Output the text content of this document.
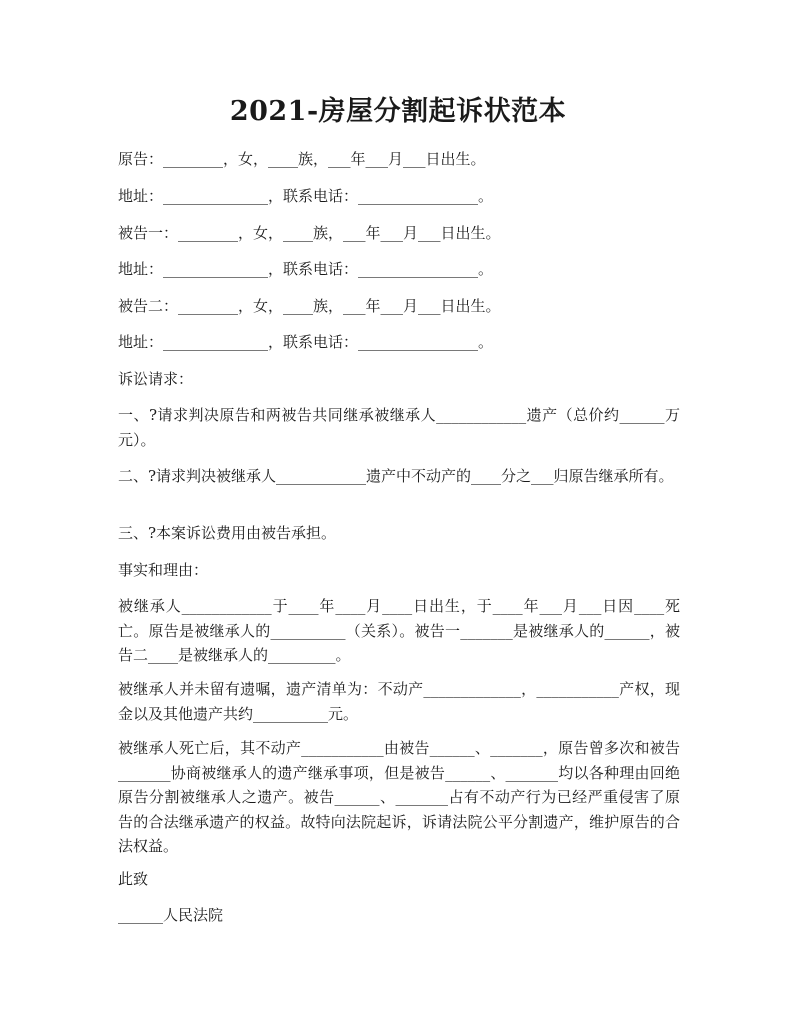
2021-房屋分割起诉状范本

原告：________，女，____族，___年___月___日出生。

地址：______________，联系电话：________________。

被告一：________，女，____族，___年___月___日出生。

地址：______________，联系电话：________________。

被告二：________，女，____族，___年___月___日出生。

地址：______________，联系电话：________________。

诉讼请求：

一、?请求判决原告和两被告共同继承被继承人____________遗产（总价约______万元）。

二、?请求判决被继承人____________遗产中不动产的____分之___归原告继承所有。

三、?本案诉讼费用由被告承担。

事实和理由：

被继承人____________于____年____月____日出生，于____年___月___日因____死亡。原告是被继承人的__________（关系）。被告一_______是被继承人的______，被告二____是被继承人的_________。

被继承人并未留有遗嘱，遗产清单为：不动产_____________，___________产权，现金以及其他遗产共约__________元。

被继承人死亡后，其不动产___________由被告______、_______，原告曾多次和被告_______协商被继承人的遗产继承事项，但是被告______、_______均以各种理由回绝原告分割被继承人之遗产。被告______、_______占有不动产行为已经严重侵害了原告的合法继承遗产的权益。故特向法院起诉，诉请法院公平分割遗产，维护原告的合法权益。

此致

______人民法院
